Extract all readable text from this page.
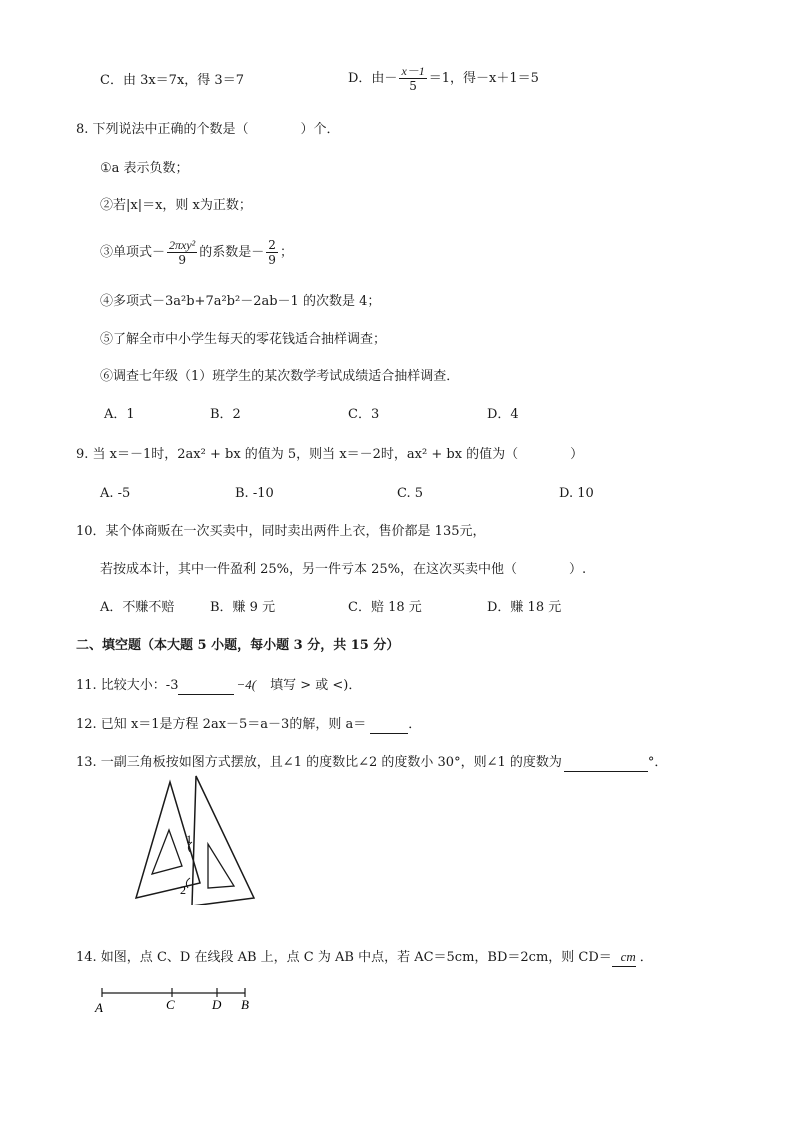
C．由 3x＝7x，得 3＝7	D．由－ $\frac{x-1}{5} =1$，得－x＋1＝5
8. 下列说法中正确的个数是（　　　　）个．
①a 表示负数；
②若|x|＝x，则 x为正数；
③单项式－ $\frac{\text{2πxy²}}{9}$ 的系数是－ $\frac{2}{9}$ ；
④多项式－3a²b+7a²b²－2ab－1 的次数是 4；
⑤了解全市中小学生每天的零花钱适合抽样调查；
⑥调查七年级（1）班学生的某次数学考试成绩适合抽样调查．
A．1	B．2	C．3	D．4
9. 当 x＝－1时，2ax² + bx 的值为 5，则当 x＝－2时，ax² + bx 的值为（　　　　）
A. -5	B. -10	C. 5	D. 10
10．某个体商贩在一次买卖中，同时卖出两件上衣，售价都是 135元，
若按成本计，其中一件盈利 25%，另一件亏本 25%，在这次买卖中他（　　　　）.
A．不赚不赔	B．赚 9 元	C．赔 18 元	D．赚 18 元
二、填空题（本大题 5 小题，每小题 3 分，共 15 分）
11. 比较大小：-3	−4( 填写 > 或 <)．
12. 已知 x＝1是方程 2ax－5＝a－3的解，则 a＝	．
13. 一副三角板按如图方式摆放，且∠1 的度数比∠2 的度数小 30°，则∠1 的度数为	°．
1
2
14. 如图，点 C、D 在线段 AB 上，点 C 为 AB 中点，若 AC＝5cm，BD＝2cm，则 CD＝ cm ．
A	C	D B
